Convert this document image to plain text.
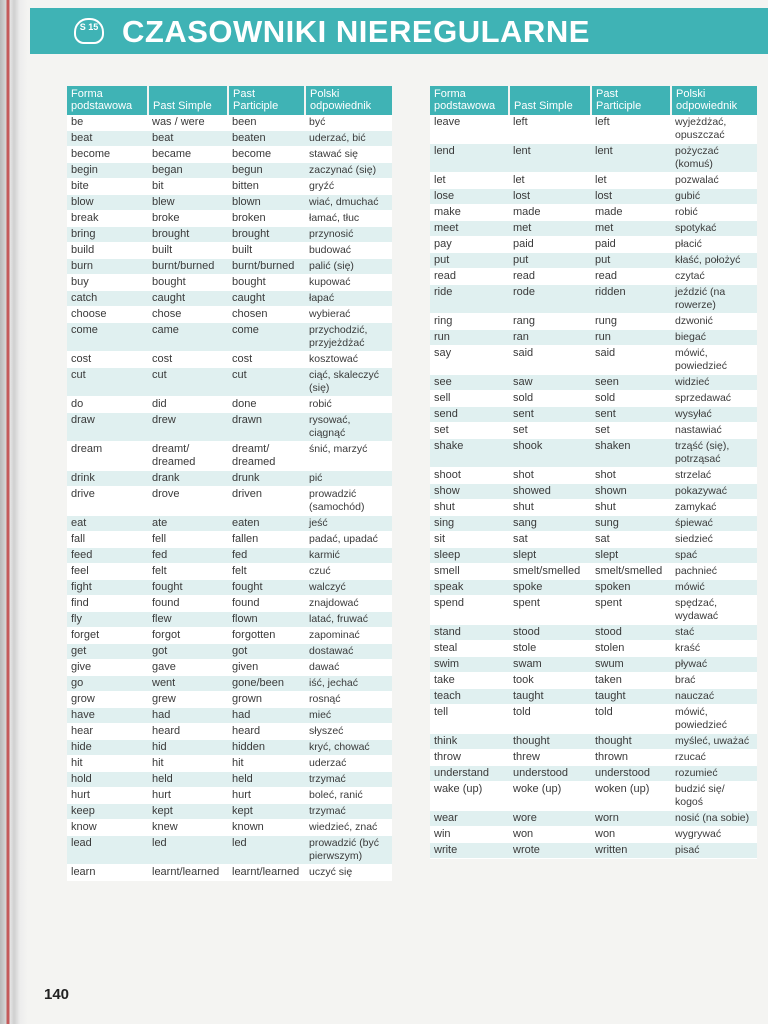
S 15 CZASOWNIKI NIEREGULARNE
Forma podstawowa	Past Simple	Past Participle	Polski odpowiednik
be	was / were	been	być
beat	beat	beaten	uderzać, bić
become	became	become	stawać się
begin	began	begun	zaczynać (się)
bite	bit	bitten	gryźć
blow	blew	blown	wiać, dmuchać
break	broke	broken	łamać, tłuc
bring	brought	brought	przynosić
build	built	built	budować
burn	burnt/burned	burnt/burned	palić (się)
buy	bought	bought	kupować
catch	caught	caught	łapać
choose	chose	chosen	wybierać
come	came	come	przychodzić, przyjeżdżać
cost	cost	cost	kosztować
cut	cut	cut	ciąć, skaleczyć (się)
do	did	done	robić
draw	drew	drawn	rysować, ciągnąć
dream	dreamt/ dreamed	dreamt/ dreamed	śnić, marzyć
drink	drank	drunk	pić
drive	drove	driven	prowadzić (samochód)
eat	ate	eaten	jeść
fall	fell	fallen	padać, upadać
feed	fed	fed	karmić
feel	felt	felt	czuć
fight	fought	fought	walczyć
find	found	found	znajdować
fly	flew	flown	latać, fruwać
forget	forgot	forgotten	zapominać
get	got	got	dostawać
give	gave	given	dawać
go	went	gone/been	iść, jechać
grow	grew	grown	rosnąć
have	had	had	mieć
hear	heard	heard	słyszeć
hide	hid	hidden	kryć, chować
hit	hit	hit	uderzać
hold	held	held	trzymać
hurt	hurt	hurt	boleć, ranić
keep	kept	kept	trzymać
know	knew	known	wiedzieć, znać
lead	led	led	prowadzić (być pierwszym)
learn	learnt/learned	learnt/learned	uczyć się
Forma podstawowa	Past Simple	Past Participle	Polski odpowiednik
leave	left	left	wyjeżdżać, opuszczać
lend	lent	lent	pożyczać (komuś)
let	let	let	pozwalać
lose	lost	lost	gubić
make	made	made	robić
meet	met	met	spotykać
pay	paid	paid	płacić
put	put	put	kłaść, położyć
read	read	read	czytać
ride	rode	ridden	jeździć (na rowerze)
ring	rang	rung	dzwonić
run	ran	run	biegać
say	said	said	mówić, powiedzieć
see	saw	seen	widzieć
sell	sold	sold	sprzedawać
send	sent	sent	wysyłać
set	set	set	nastawiać
shake	shook	shaken	trząść (się), potrząsać
shoot	shot	shot	strzelać
show	showed	shown	pokazywać
shut	shut	shut	zamykać
sing	sang	sung	śpiewać
sit	sat	sat	siedzieć
sleep	slept	slept	spać
smell	smelt/smelled	smelt/smelled	pachnieć
speak	spoke	spoken	mówić
spend	spent	spent	spędzać, wydawać
stand	stood	stood	stać
steal	stole	stolen	kraść
swim	swam	swum	pływać
take	took	taken	brać
teach	taught	taught	nauczać
tell	told	told	mówić, powiedzieć
think	thought	thought	myśleć, uważać
throw	threw	thrown	rzucać
understand	understood	understood	rozumieć
wake (up)	woke (up)	woken (up)	budzić się/ kogoś
wear	wore	worn	nosić (na sobie)
win	won	won	wygrywać
write	wrote	written	pisać
140
